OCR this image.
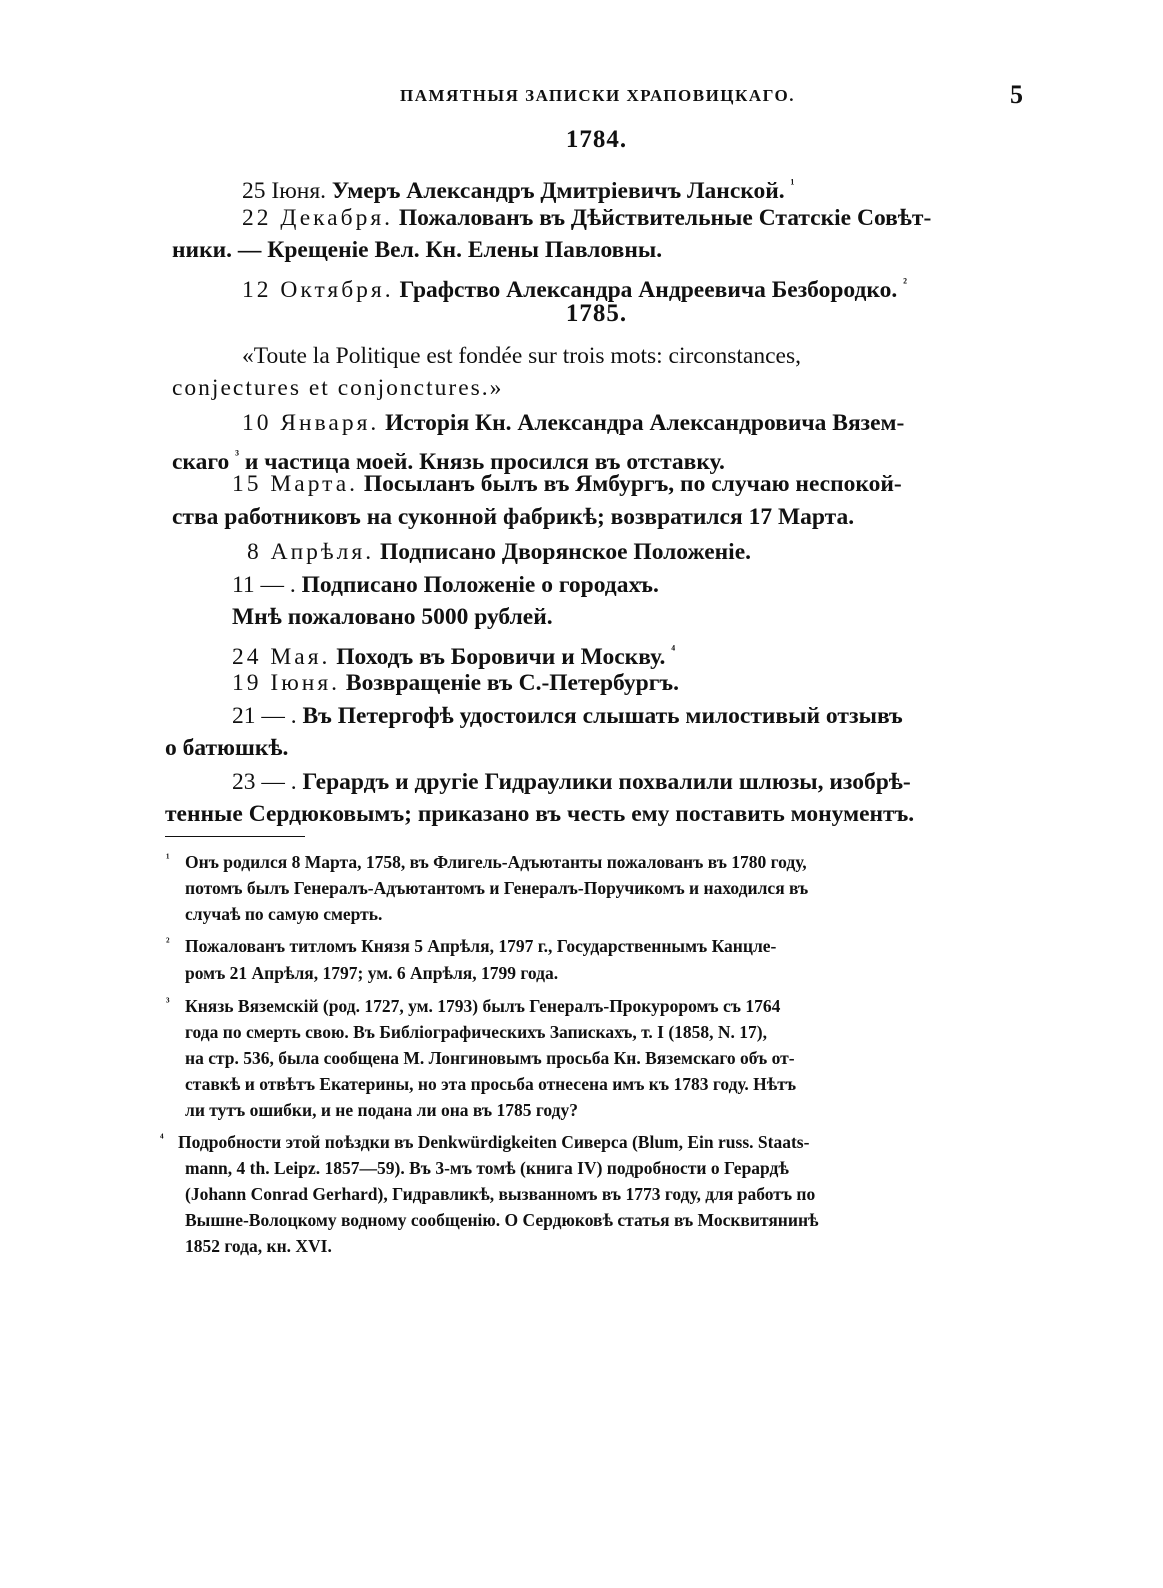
ПАМЯТНЫЯ ЗАПИСКИ ХРАПОВИЦКАГО.	5
1784.
25 Іюня. Умеръ Александръ Дмитріевичъ Ланской. $^{^1}$
22 Декабря. Пожалованъ въ Дѣйствительные Статскіе Совѣт-
ники. — Крещеніе Вел. Кн. Елены Павловны.
12 Октября. Графство Александра Андреевича Безбородко. $^{^2}$
1785.
«Toute la Politique est fondée sur trois mots: circonstances,
conjectures et conjonctures.»
10 Января. Исторія Кн. Александра Александровича Вязем-
скаго $^{^3}$ и частица моей. Князь просился въ отставку.
15 Марта. Посыланъ былъ въ Ямбургъ, по случаю неспокой-
ства работниковъ на суконной фабрикѣ; возвратился 17 Марта.
8 Апрѣля. Подписано Дворянское Положеніе.
11 — . Подписано Положеніе о городахъ.
Мнѣ пожаловано 5000 рублей.
24 Мая. Походъ въ Боровичи и Москву. $^{^4}$
19 Іюня. Возвращеніе въ С.-Петербургъ.
21 — . Въ Петергофѣ удостоился слышать милостивый отзывъ
о батюшкѣ.
23 — . Герардъ и другіе Гидраулики похвалили шлюзы, изобрѣ-
тенные Сердюковымъ; приказано въ честь ему поставить монументъ.
¹ Онъ родился 8 Марта, 1758, въ Флигель-Адъютанты пожалованъ въ 1780 году,
потомъ былъ Генералъ-Адъютантомъ и Генералъ-Поручикомъ и находился въ
случаѣ по самую смерть.
² Пожалованъ титломъ Князя 5 Апрѣля, 1797 г., Государственнымъ Канцле-
ромъ 21 Апрѣля, 1797; ум. 6 Апрѣля, 1799 года.
³ Князь Вяземскій (род. 1727, ум. 1793) былъ Генералъ-Прокуроромъ съ 1764
года по смерть свою. Въ Библіографическихъ Запискахъ, т. I (1858, N. 17),
на стр. 536, была сообщена М. Лонгиновымъ просьба Кн. Вяземскаго объ от-
ставкѣ и отвѣтъ Екатерины, но эта просьба отнесена имъ къ 1783 году. Нѣтъ
ли тутъ ошибки, и не подана ли она въ 1785 году?
⁴ Подробности этой поѣздки въ Denkwürdigkeiten Сиверса (Blum, Ein russ. Staats-
mann, 4 th. Leipz. 1857—59). Въ 3-мъ томѣ (книга IV) подробности о Герардѣ
(Johann Conrad Gerhard), Гидравликѣ, вызванномъ въ 1773 году, для работъ по
Вышне-Волоцкому водному сообщенію. О Сердюковѣ статья въ Москвитянинѣ
1852 года, кн. XVI.
